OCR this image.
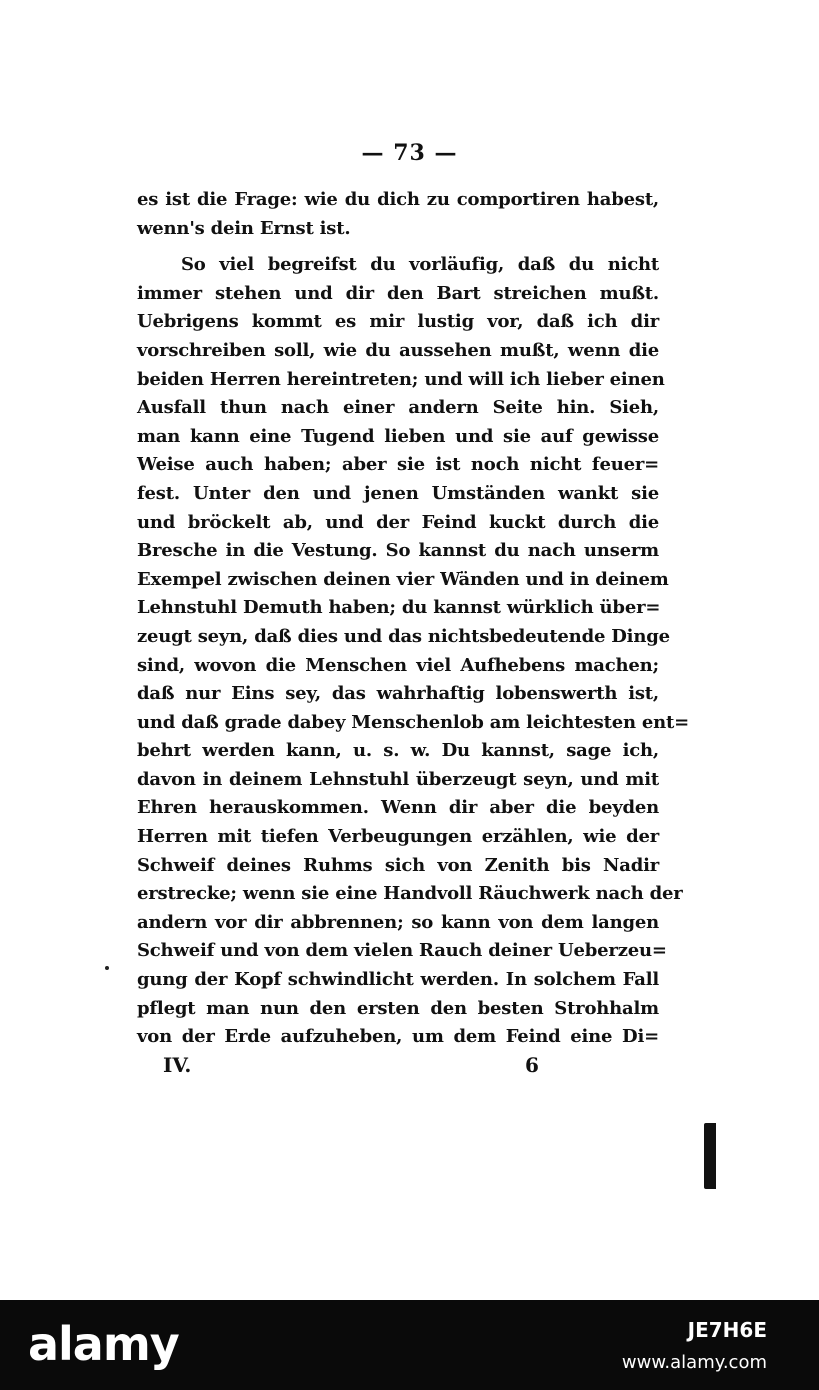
— 73 —
es ist die Frage: wie du dich zu comportiren habest,
wenn's dein Ernst ist.
So viel begreifst du vorläufig, daß du nicht
immer stehen und dir den Bart streichen mußt.
Uebrigens kommt es mir lustig vor, daß ich dir
vorschreiben soll, wie du aussehen mußt, wenn die
beiden Herren hereintreten; und will ich lieber einen
Ausfall thun nach einer andern Seite hin. Sieh,
man kann eine Tugend lieben und sie auf gewisse
Weise auch haben; aber sie ist noch nicht feuer=
fest. Unter den und jenen Umständen wankt sie
und bröckelt ab, und der Feind kuckt durch die
Bresche in die Vestung. So kannst du nach unserm
Exempel zwischen deinen vier Wänden und in deinem
Lehnstuhl Demuth haben; du kannst würklich über=
zeugt seyn, daß dies und das nichtsbedeutende Dinge
sind, wovon die Menschen viel Aufhebens machen;
daß nur Eins sey, das wahrhaftig lobenswerth ist,
und daß grade dabey Menschenlob am leichtesten ent=
behrt werden kann, u. s. w. Du kannst, sage ich,
davon in deinem Lehnstuhl überzeugt seyn, und mit
Ehren herauskommen. Wenn dir aber die beyden
Herren mit tiefen Verbeugungen erzählen, wie der
Schweif deines Ruhms sich von Zenith bis Nadir
erstrecke; wenn sie eine Handvoll Räuchwerk nach der
andern vor dir abbrennen; so kann von dem langen
Schweif und von dem vielen Rauch deiner Ueberzeu=
gung der Kopf schwindlicht werden. In solchem Fall
pflegt man nun den ersten den besten Strohhalm
von der Erde aufzuheben, um dem Feind eine Di=
IV.	6
alamy	JE7H6E
www.alamy.com
